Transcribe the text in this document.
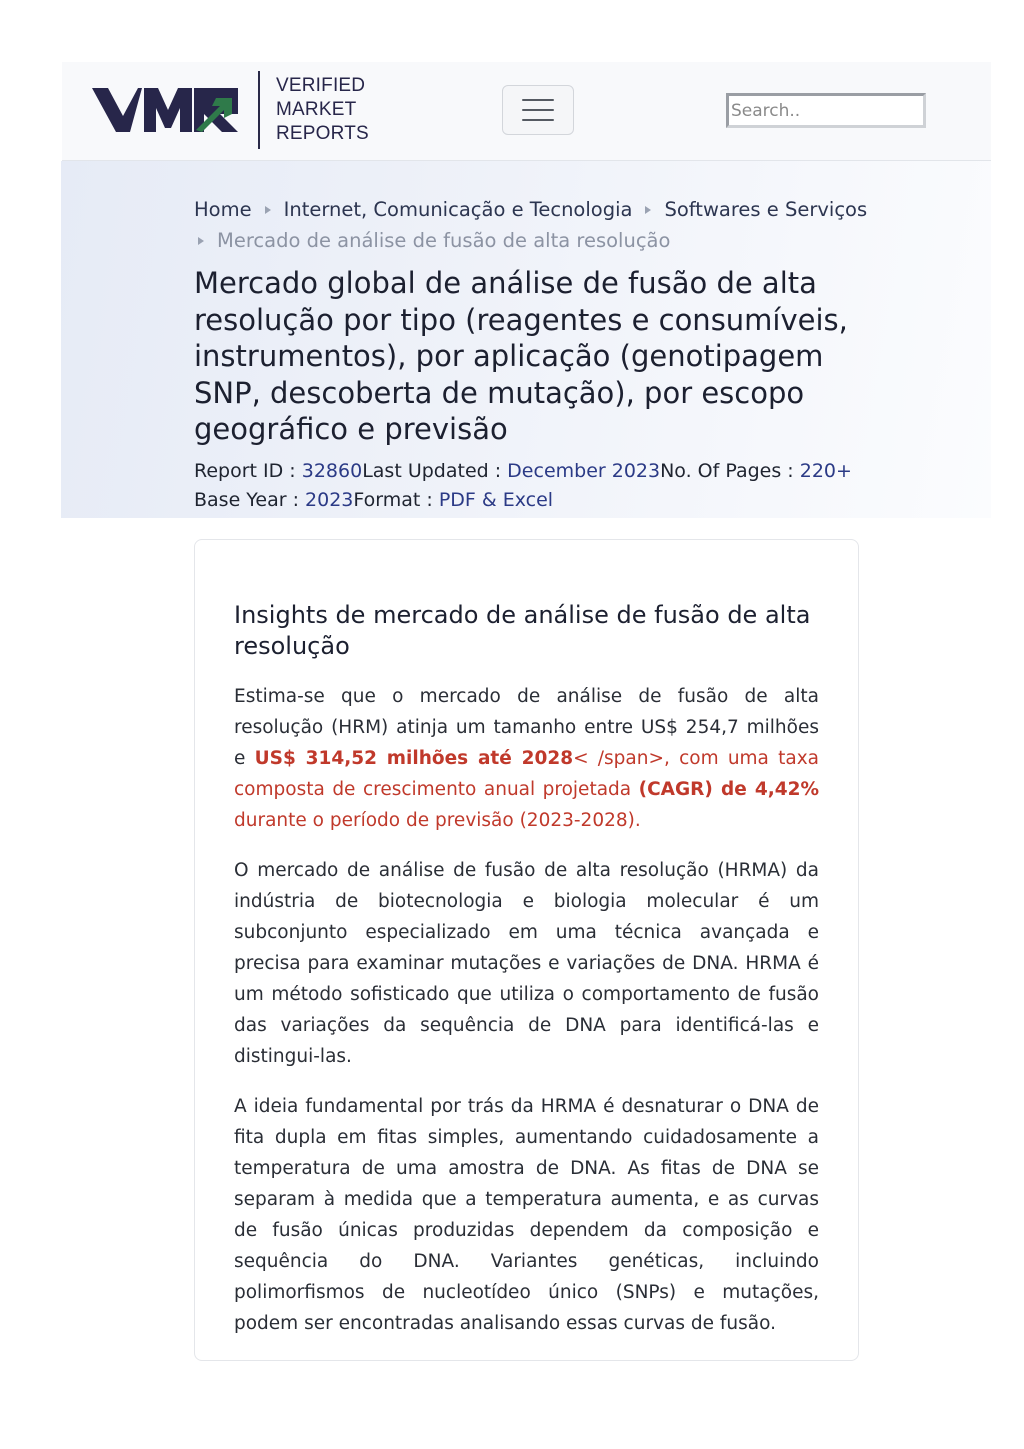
VERIFIED
MARKET
REPORTS
Search..
Home Internet, Comunicação e Tecnologia Softwares e Serviços
Mercado de análise de fusão de alta resolução
Mercado global de análise de fusão de alta resolução por tipo (reagentes e consumíveis, instrumentos), por aplicação (genotipagem SNP, descoberta de mutação), por escopo geográfico e previsão
Report ID : 32860Last Updated : December 2023No. Of Pages : 220+
Base Year : 2023Format : PDF & Excel
Insights de mercado de análise de fusão de alta resolução

Estima-se que o mercado de análise de fusão de alta resolução (HRM) atinja um tamanho entre US$ 254,7 milhões e US$ 314,52 milhões até 2028< /span>, com uma taxa composta de crescimento anual projetada (CAGR) de 4,42% durante o período de previsão (2023-2028).

O mercado de análise de fusão de alta resolução (HRMA) da indústria de biotecnologia e biologia molecular é um subconjunto especializado em uma técnica avançada e precisa para examinar mutações e variações de DNA. HRMA é um método sofisticado que utiliza o comportamento de fusão das variações da sequência de DNA para identificá-las e distingui-las.

A ideia fundamental por trás da HRMA é desnaturar o DNA de fita dupla em fitas simples, aumentando cuidadosamente a temperatura de uma amostra de DNA. As fitas de DNA se separam à medida que a temperatura aumenta, e as curvas de fusão únicas produzidas dependem da composição e sequência do DNA. Variantes genéticas, incluindo polimorfismos de nucleotídeo único (SNPs) e mutações, podem ser encontradas analisando essas curvas de fusão.
